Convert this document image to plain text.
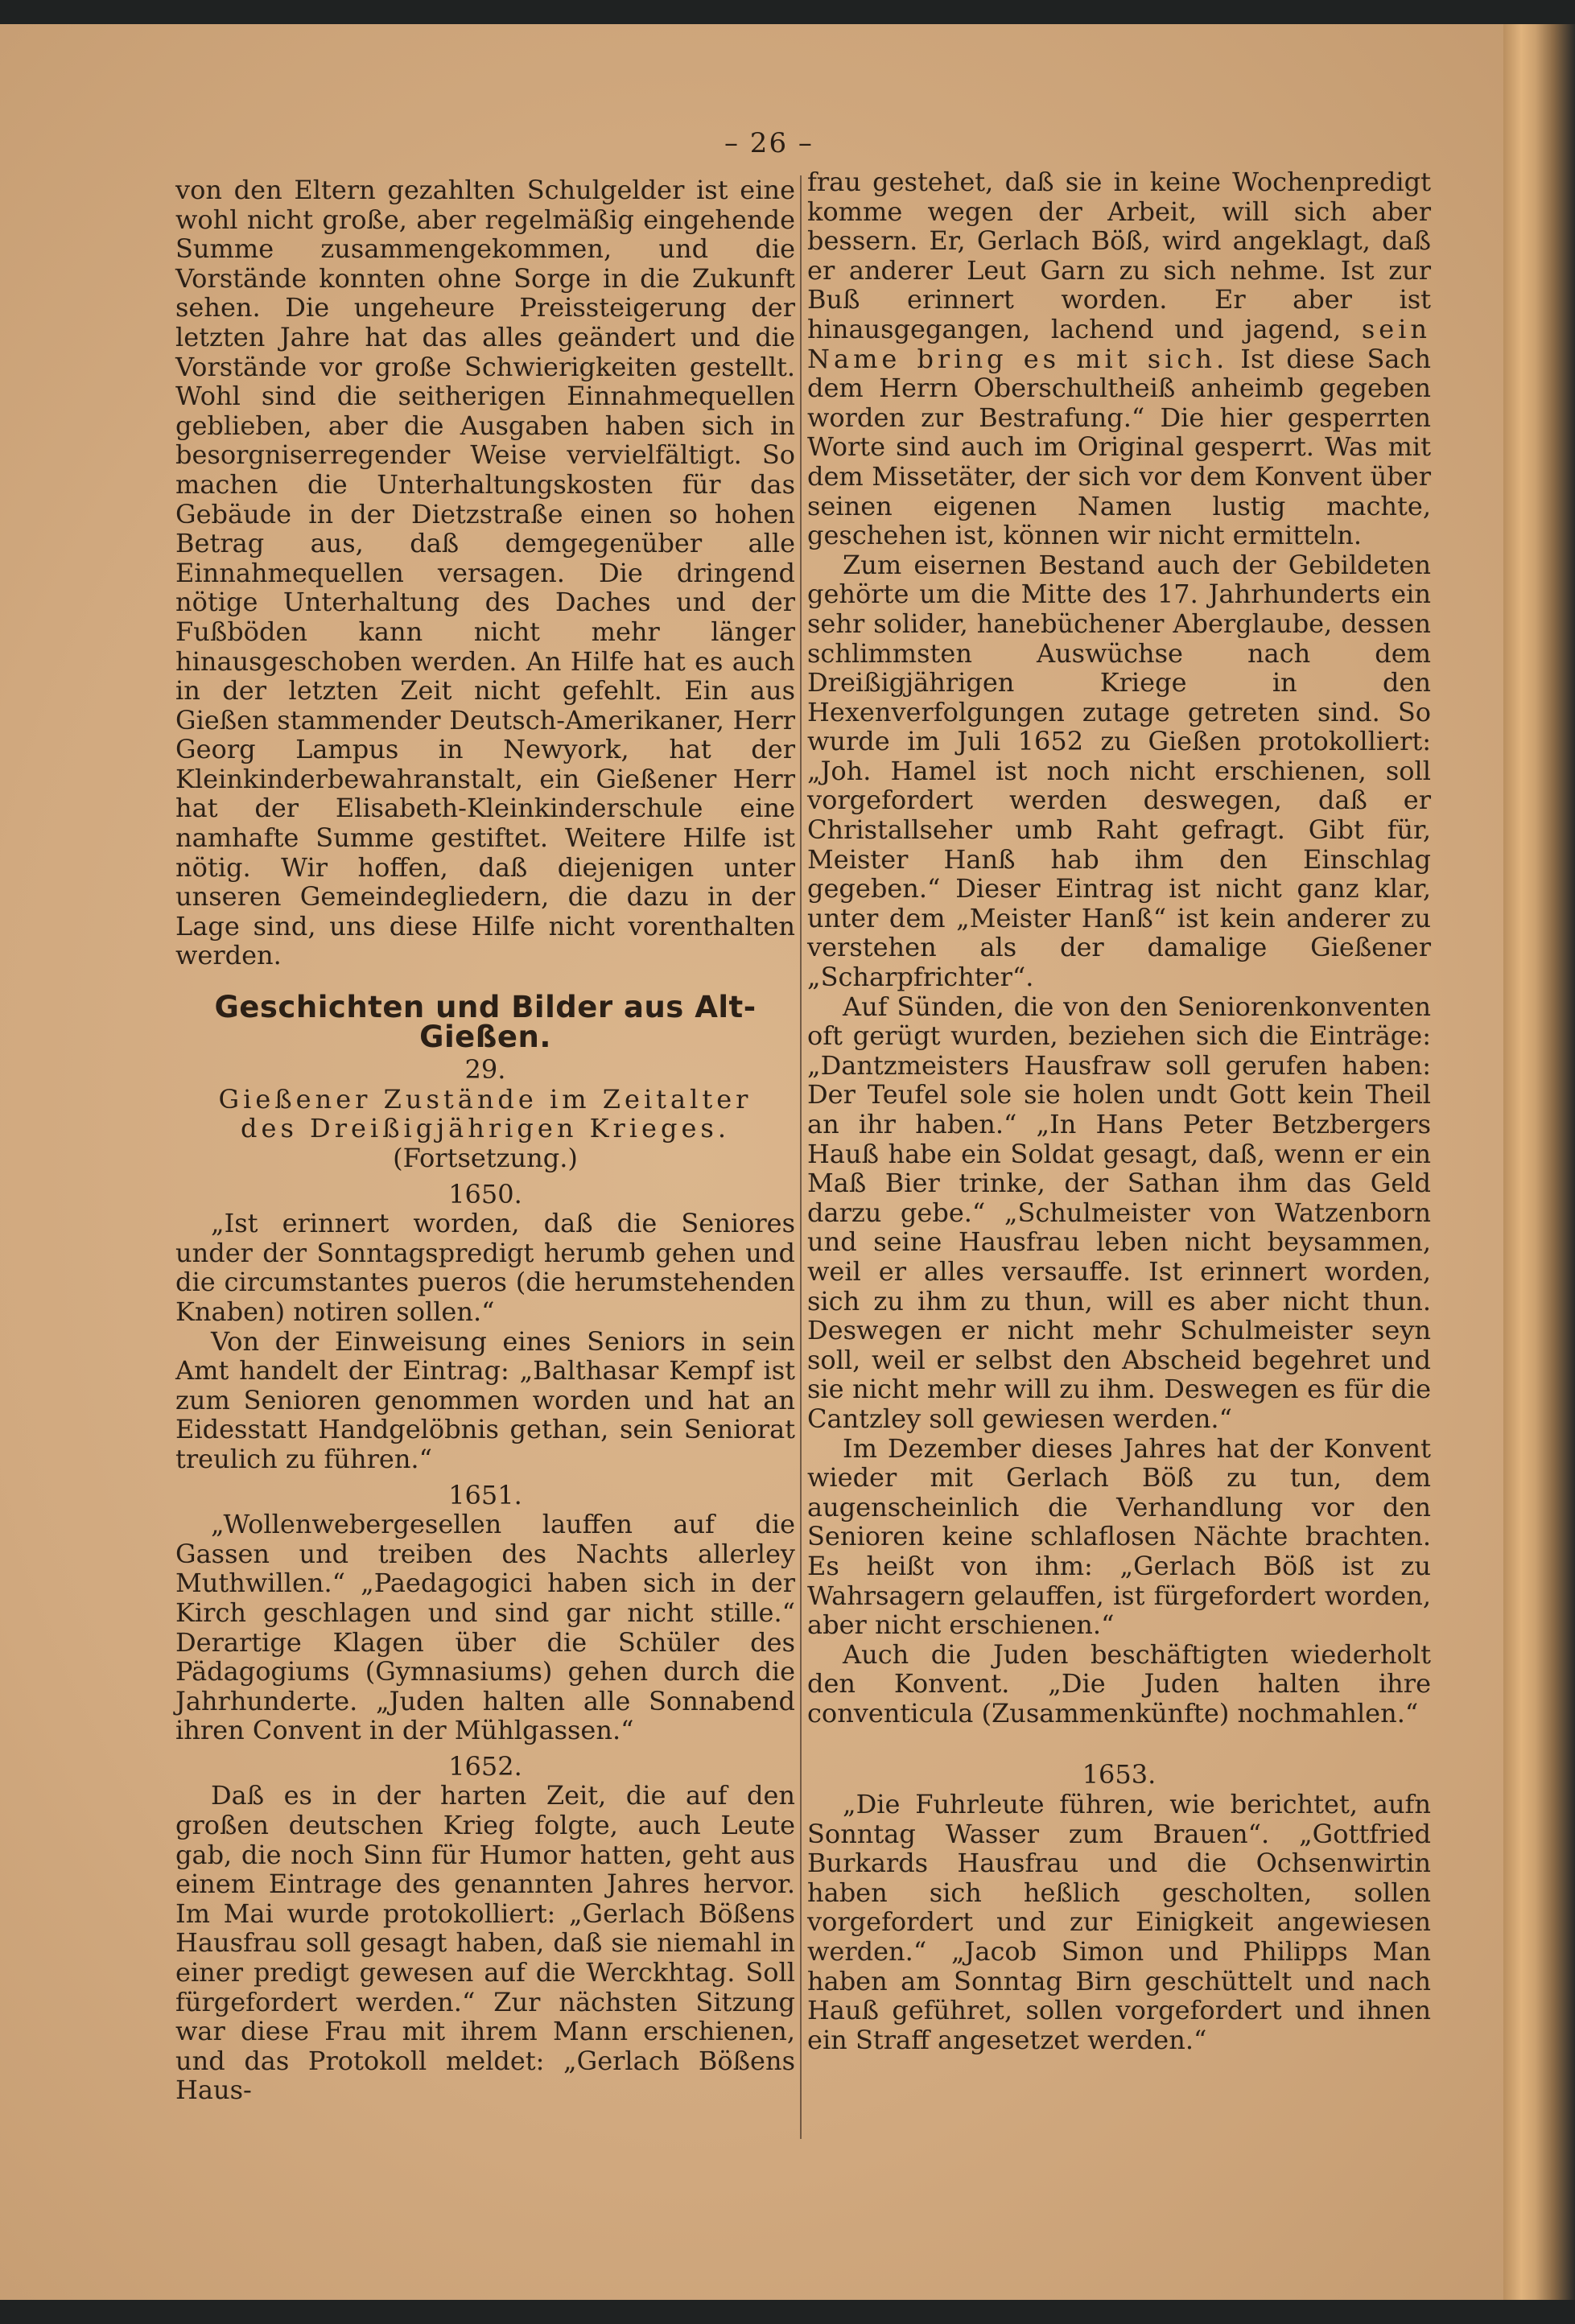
– 26 –

von den Eltern gezahlten Schulgelder ist eine wohl nicht große, aber regelmäßig eingehende Summe zusammengekommen, und die Vorstände konnten ohne Sorge in die Zukunft sehen. Die ungeheure Preissteigerung der letzten Jahre hat das alles geändert und die Vorstände vor große Schwierigkeiten gestellt. Wohl sind die seitherigen Einnahmequellen geblieben, aber die Ausgaben haben sich in besorgniserregender Weise vervielfältigt. So machen die Unterhaltungskosten für das Gebäude in der Dietzstraße einen so hohen Betrag aus, daß demgegenüber alle Einnahmequellen versagen. Die dringend nötige Unterhaltung des Daches und der Fußböden kann nicht mehr länger hinausgeschoben werden. An Hilfe hat es auch in der letzten Zeit nicht gefehlt. Ein aus Gießen stammender Deutsch-Amerikaner, Herr Georg Lampus in Newyork, hat der Kleinkinderbewahranstalt, ein Gießener Herr hat der Elisabeth-Kleinkinderschule eine namhafte Summe gestiftet. Weitere Hilfe ist nötig. Wir hoffen, daß diejenigen unter unseren Gemeindegliedern, die dazu in der Lage sind, uns diese Hilfe nicht vorenthalten werden.

Geschichten und Bilder aus Alt-Gießen.

29.

Gießener Zustände im Zeitalter

des Dreißigjährigen Krieges.

(Fortsetzung.)

1650.

„Ist erinnert worden, daß die Seniores under der Sonntagspredigt herumb gehen und die circumstantes pueros (die herumstehenden Knaben) notiren sollen.“

Von der Einweisung eines Seniors in sein Amt handelt der Eintrag: „Balthasar Kempf ist zum Senioren genommen worden und hat an Eidesstatt Handgelöbnis gethan, sein Seniorat treulich zu führen.“

1651.

„Wollenwebergesellen lauffen auf die Gassen und treiben des Nachts allerley Muthwillen.“ „Paedagogici haben sich in der Kirch geschlagen und sind gar nicht stille.“ Derartige Klagen über die Schüler des Pädagogiums (Gymnasiums) gehen durch die Jahrhunderte. „Juden halten alle Sonnabend ihren Convent in der Mühlgassen.“

1652.

Daß es in der harten Zeit, die auf den großen deutschen Krieg folgte, auch Leute gab, die noch Sinn für Humor hatten, geht aus einem Eintrage des genannten Jahres hervor. Im Mai wurde protokolliert: „Gerlach Bößens Hausfrau soll gesagt haben, daß sie niemahl in einer predigt gewesen auf die Werckhtag. Soll fürgefordert werden.“ Zur nächsten Sitzung war diese Frau mit ihrem Mann erschienen, und das Protokoll meldet: „Gerlach Bößens Haus-

frau gestehet, daß sie in keine Wochenpredigt komme wegen der Arbeit, will sich aber bessern. Er, Gerlach Böß, wird angeklagt, daß er anderer Leut Garn zu sich nehme. Ist zur Buß erinnert worden. Er aber ist hinausgegangen, lachend und jagend, sein Name bring es mit sich. Ist diese Sach dem Herrn Oberschultheiß anheimb gegeben worden zur Bestrafung.“ Die hier gesperrten Worte sind auch im Original gesperrt. Was mit dem Missetäter, der sich vor dem Konvent über seinen eigenen Namen lustig machte, geschehen ist, können wir nicht ermitteln.

Zum eisernen Bestand auch der Gebildeten gehörte um die Mitte des 17. Jahrhunderts ein sehr solider, hanebüchener Aberglaube, dessen schlimmsten Auswüchse nach dem Dreißigjährigen Kriege in den Hexenverfolgungen zutage getreten sind. So wurde im Juli 1652 zu Gießen protokolliert: „Joh. Hamel ist noch nicht erschienen, soll vorgefordert werden deswegen, daß er Christallseher umb Raht gefragt. Gibt für, Meister Hanß hab ihm den Einschlag gegeben.“ Dieser Eintrag ist nicht ganz klar, unter dem „Meister Hanß“ ist kein anderer zu verstehen als der damalige Gießener „Scharpfrichter“.

Auf Sünden, die von den Seniorenkonventen oft gerügt wurden, beziehen sich die Einträge: „Dantzmeisters Hausfraw soll gerufen haben: Der Teufel sole sie holen undt Gott kein Theil an ihr haben.“ „In Hans Peter Betzbergers Hauß habe ein Soldat gesagt, daß, wenn er ein Maß Bier trinke, der Sathan ihm das Geld darzu gebe.“ „Schulmeister von Watzenborn und seine Hausfrau leben nicht beysammen, weil er alles versauffe. Ist erinnert worden, sich zu ihm zu thun, will es aber nicht thun. Deswegen er nicht mehr Schulmeister seyn soll, weil er selbst den Abscheid begehret und sie nicht mehr will zu ihm. Deswegen es für die Cantzley soll gewiesen werden.“

Im Dezember dieses Jahres hat der Konvent wieder mit Gerlach Böß zu tun, dem augenscheinlich die Verhandlung vor den Senioren keine schlaflosen Nächte brachten. Es heißt von ihm: „Gerlach Böß ist zu Wahrsagern gelauffen, ist fürgefordert worden, aber nicht erschienen.“

Auch die Juden beschäftigten wiederholt den Konvent. „Die Juden halten ihre conventicula (Zusammenkünfte) nochmahlen.“

1653.

„Die Fuhrleute führen, wie berichtet, aufn Sonntag Wasser zum Brauen“. „Gottfried Burkards Hausfrau und die Ochsenwirtin haben sich heßlich gescholten, sollen vorgefordert und zur Einigkeit angewiesen werden.“ „Jacob Simon und Philipps Man haben am Sonntag Birn geschüttelt und nach Hauß geführet, sollen vorgefordert und ihnen ein Straff angesetzet werden.“
